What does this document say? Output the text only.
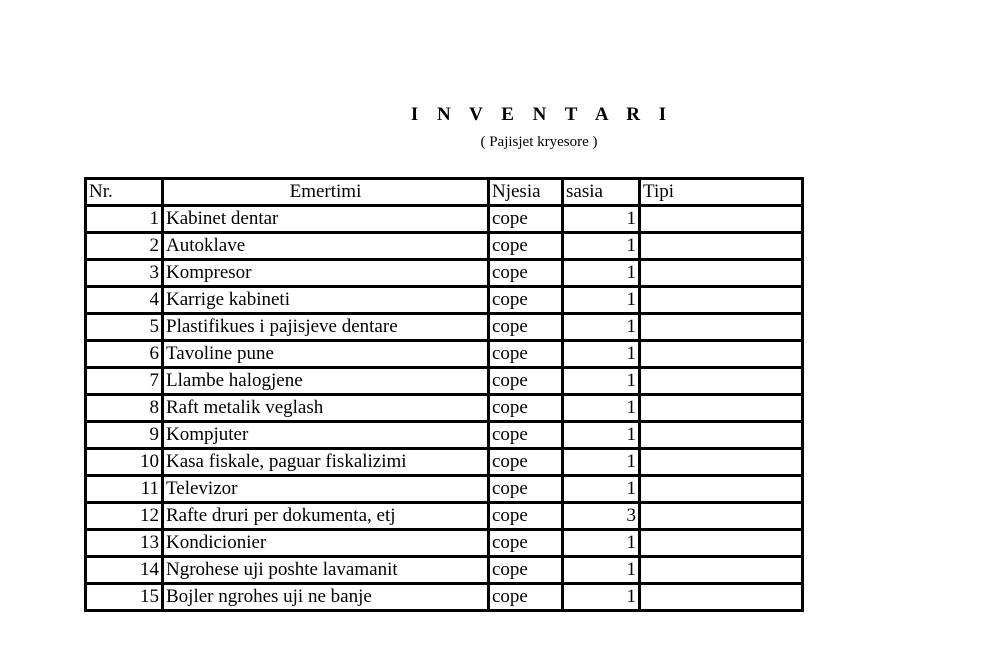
I N V E N T A R I
( Pajisjet kryesore )
Nr.	Emertimi	Njesia	sasia	Tipi
1	Kabinet dentar	cope	1	
2	Autoklave	cope	1	
3	Kompresor	cope	1	
4	Karrige kabineti	cope	1	
5	Plastifikues i pajisjeve dentare	cope	1	
6	Tavoline pune	cope	1	
7	Llambe halogjene	cope	1	
8	Raft metalik veglash	cope	1	
9	Kompjuter	cope	1	
10	Kasa fiskale, paguar fiskalizimi	cope	1	
11	Televizor	cope	1	
12	Rafte druri per dokumenta, etj	cope	3	
13	Kondicionier	cope	1	
14	Ngrohese uji poshte lavamanit	cope	1	
15	Bojler ngrohes uji ne banje	cope	1	
